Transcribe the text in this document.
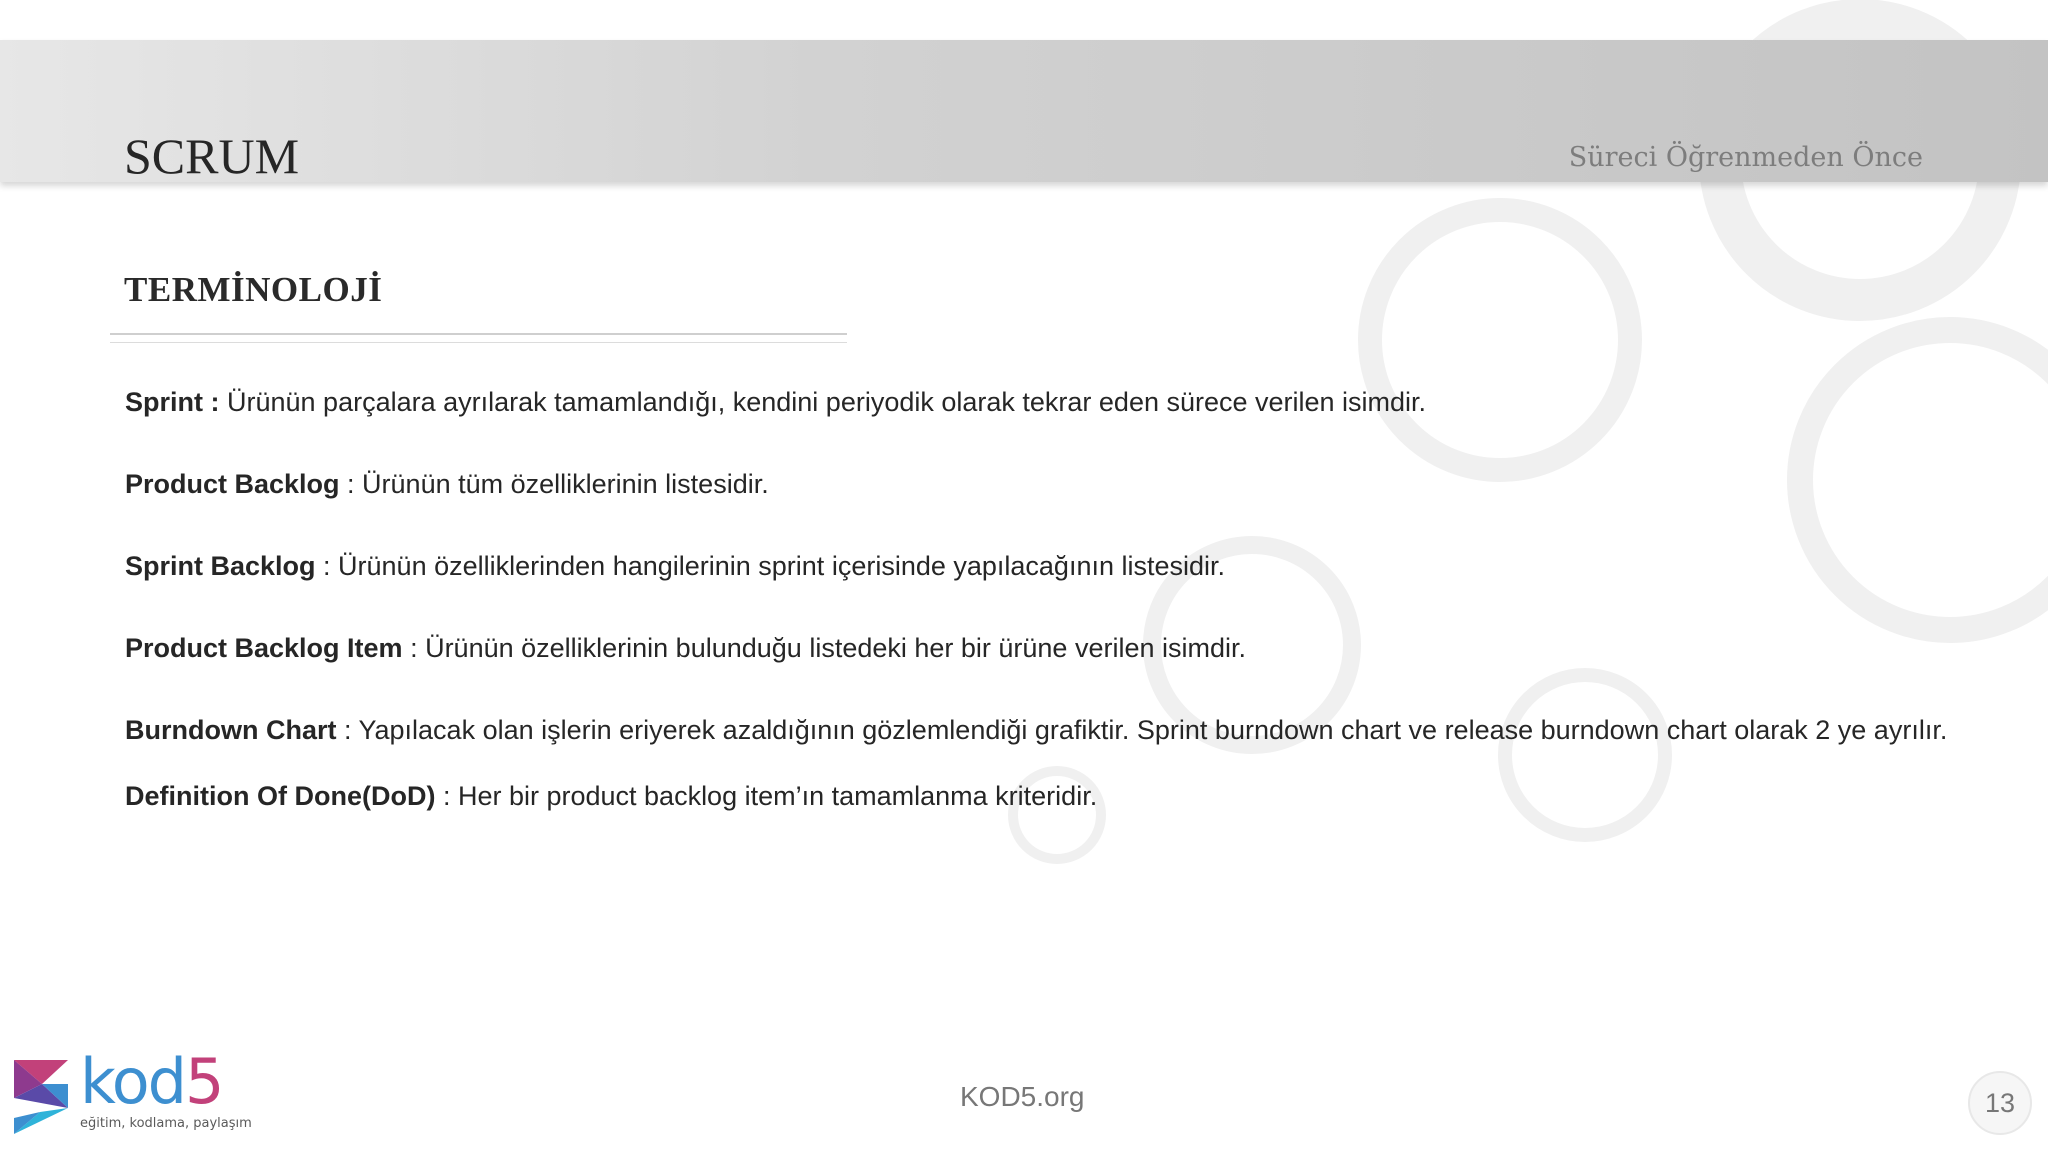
SCRUM	Süreci Öğrenmeden Önce
TERMİNOLOJİ
Sprint : Ürünün parçalara ayrılarak tamamlandığı, kendini periyodik olarak tekrar eden sürece verilen isimdir.
Product Backlog : Ürünün tüm özelliklerinin listesidir.
Sprint Backlog : Ürünün özelliklerinden hangilerinin sprint içerisinde yapılacağının listesidir.
Product Backlog Item : Ürünün özelliklerinin bulunduğu listedeki her bir ürüne verilen isimdir.
Burndown Chart : Yapılacak olan işlerin eriyerek azaldığının gözlemlendiği grafiktir. Sprint burndown chart ve release burndown chart olarak 2 ye ayrılır.
Definition Of Done(DoD) : Her bir product backlog item’ın tamamlanma kriteridir.
kod5
eğitim, kodlama, paylaşım
KOD5.org	13
